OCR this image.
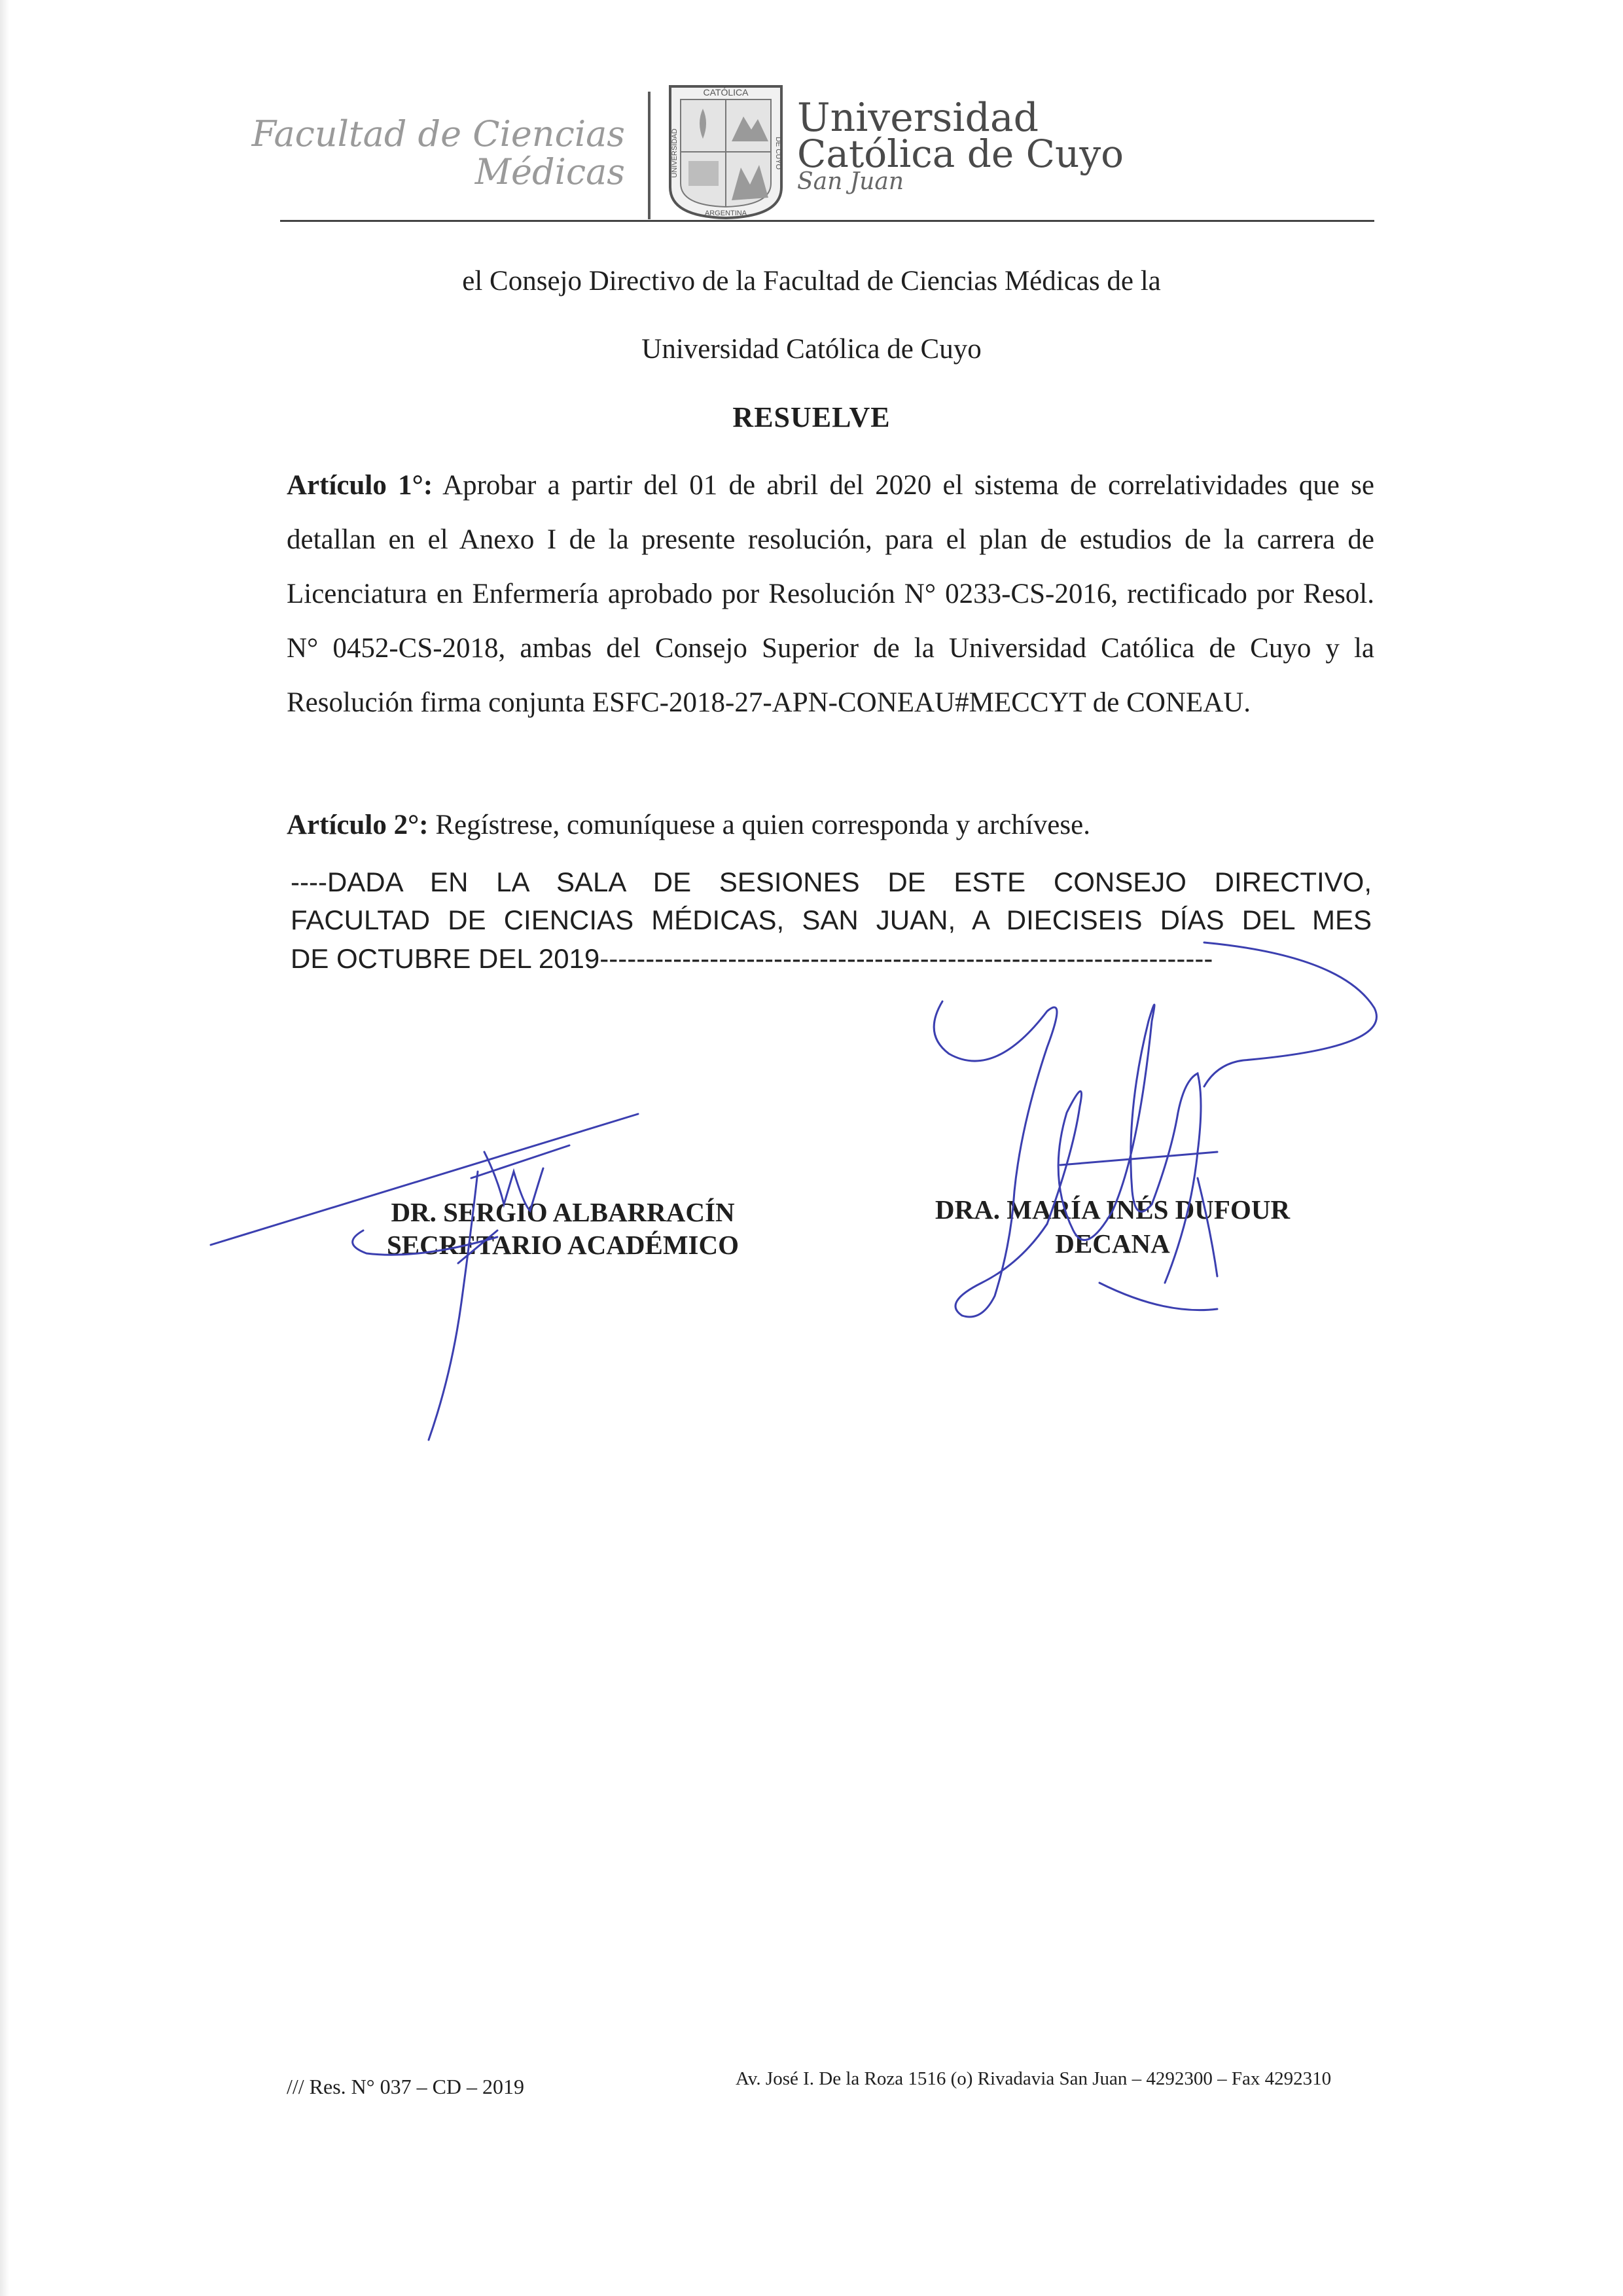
Facultad de Ciencias
Médicas
CATÓLICA
ARGENTINA
UNIVERSIDAD	DE CUYO
Universidad
Católica de Cuyo
San Juan
el Consejo Directivo de la Facultad de Ciencias Médicas de la
Universidad Católica de Cuyo
RESUELVE
Artículo 1°: Aprobar a partir del 01 de abril del 2020 el sistema de correlatividades que se detallan en el Anexo I de la presente resolución, para el plan de estudios de la carrera de Licenciatura en Enfermería aprobado por Resolución N° 0233-CS-2016, rectificado por Resol. N° 0452-CS-2018, ambas del Consejo Superior de la Universidad Católica de Cuyo y la Resolución firma conjunta ESFC-2018-27-APN-CONEAU#MECCYT de CONEAU.
Artículo 2°: Regístrese, comuníquese a quien corresponda y archívese.
----DADA EN LA SALA DE SESIONES DE ESTE CONSEJO DIRECTIVO,
FACULTAD DE CIENCIAS MÉDICAS, SAN JUAN, A DIECISEIS DÍAS DEL MES
DE OCTUBRE DEL 2019-------------------------------------------------------------------
DR. SERGIO ALBARRACÍN
SECRETARIO ACADÉMICO
DRA. MARÍA INÉS DUFOUR
DECANA
/// Res. N° 037 – CD – 2019	Av. José I. De la Roza 1516 (o) Rivadavia San Juan – 4292300 – Fax 4292310
